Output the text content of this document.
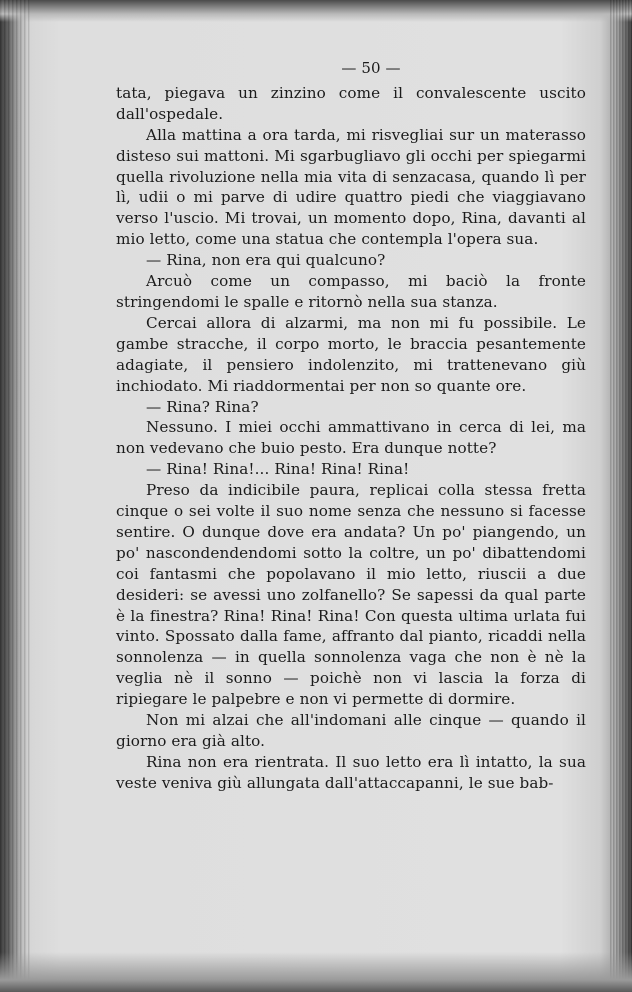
— 50 —

tata, piegava un zinzino come il convalescente uscito dall'ospedale.

Alla mattina a ora tarda, mi risvegliai sur un materasso disteso sui mattoni. Mi sgarbugliavo gli occhi per spiegarmi quella rivoluzione nella mia vita di senzacasa, quando lì per lì, udii o mi parve di udire quattro piedi che viaggiavano verso l'uscio. Mi trovai, un momento dopo, Rina, davanti al mio letto, come una statua che contempla l'opera sua.

— Rina, non era qui qualcuno?

Arcuò come un compasso, mi baciò la fronte stringendomi le spalle e ritornò nella sua stanza.

Cercai allora di alzarmi, ma non mi fu possibile. Le gambe stracche, il corpo morto, le braccia pesantemente adagiate, il pensiero indolenzito, mi trattenevano giù inchiodato. Mi riaddormentai per non so quante ore.

— Rina? Rina?

Nessuno. I miei occhi ammattivano in cerca di lei, ma non vedevano che buio pesto. Era dunque notte?

— Rina! Rina!... Rina! Rina! Rina!

Preso da indicibile paura, replicai colla stessa fretta cinque o sei volte il suo nome senza che nessuno si facesse sentire. O dunque dove era andata? Un po' piangendo, un po' nascondendendomi sotto la coltre, un po' dibattendomi coi fantasmi che popolavano il mio letto, riuscii a due desideri: se avessi uno zolfanello? Se sapessi da qual parte è la finestra? Rina! Rina! Rina! Con questa ultima urlata fui vinto. Spossato dalla fame, affranto dal pianto, ricaddi nella sonnolenza — in quella sonnolenza vaga che non è nè la veglia nè il sonno — poichè non vi lascia la forza di ripiegare le palpebre e non vi permette di dormire.

Non mi alzai che all'indomani alle cinque — quando il giorno era già alto.

Rina non era rientrata. Il suo letto era lì intatto, la sua veste veniva giù allungata dall'attaccapanni, le sue bab-
